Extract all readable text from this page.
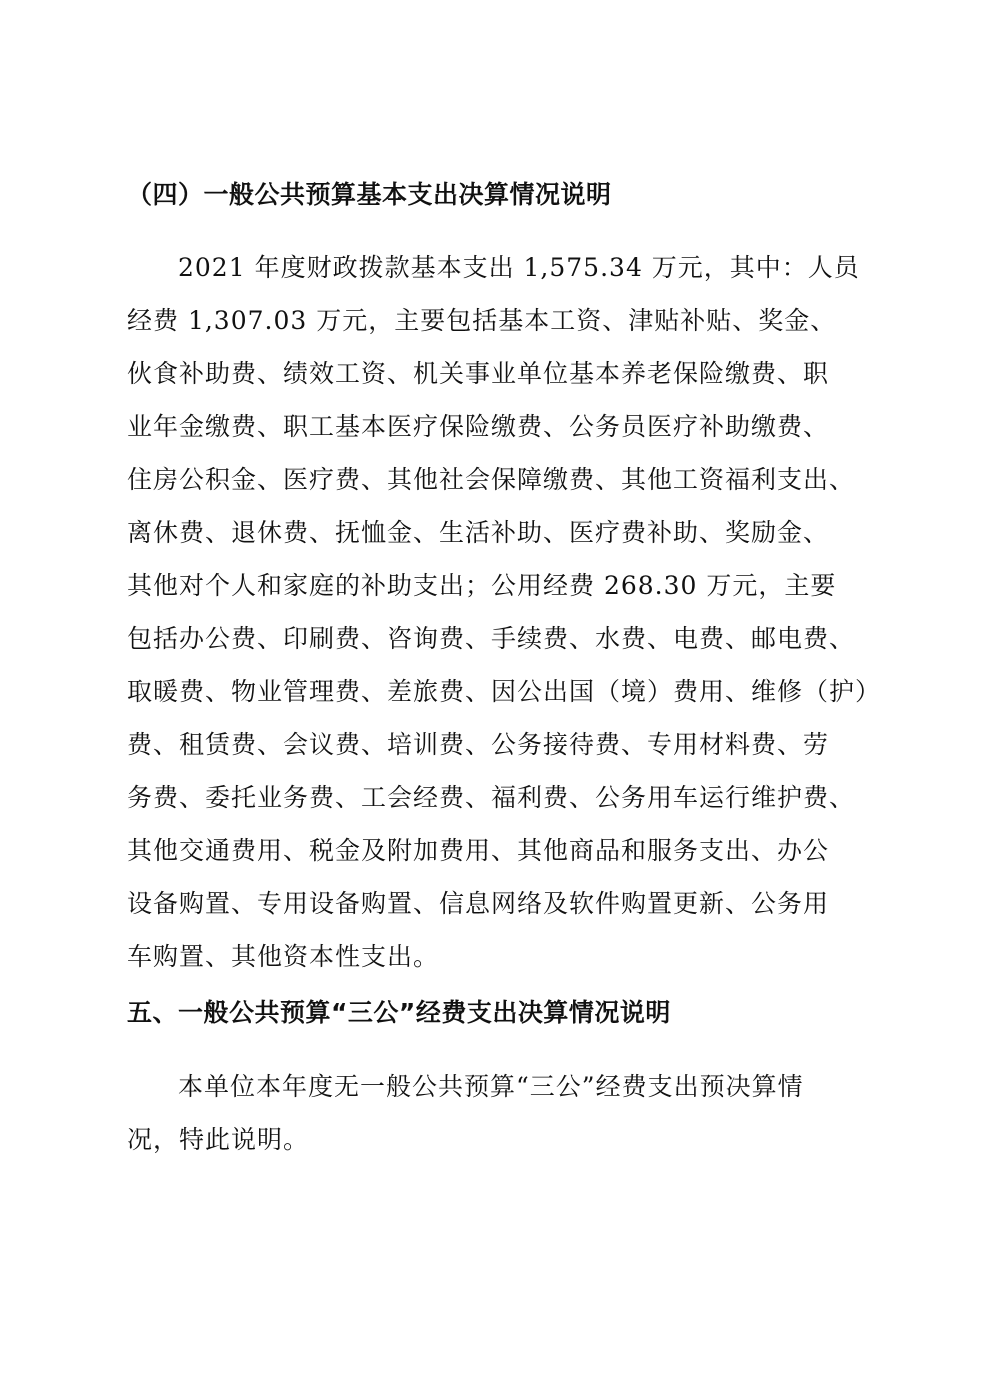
（四）一般公共预算基本支出决算情况说明
2021 年度财政拨款基本支出 1,575.34 万元，其中：人员
经费 1,307.03 万元，主要包括基本工资、津贴补贴、奖金、
伙食补助费、绩效工资、机关事业单位基本养老保险缴费、职
业年金缴费、职工基本医疗保险缴费、公务员医疗补助缴费、
住房公积金、医疗费、其他社会保障缴费、其他工资福利支出、
离休费、退休费、抚恤金、生活补助、医疗费补助、奖励金、
其他对个人和家庭的补助支出；公用经费 268.30 万元，主要
包括办公费、印刷费、咨询费、手续费、水费、电费、邮电费、
取暖费、物业管理费、差旅费、因公出国（境）费用、维修（护）
费、租赁费、会议费、培训费、公务接待费、专用材料费、劳
务费、委托业务费、工会经费、福利费、公务用车运行维护费、
其他交通费用、税金及附加费用、其他商品和服务支出、办公
设备购置、专用设备购置、信息网络及软件购置更新、公务用
车购置、其他资本性支出。
五、一般公共预算“三公”经费支出决算情况说明
本单位本年度无一般公共预算“三公”经费支出预决算情
况，特此说明。
